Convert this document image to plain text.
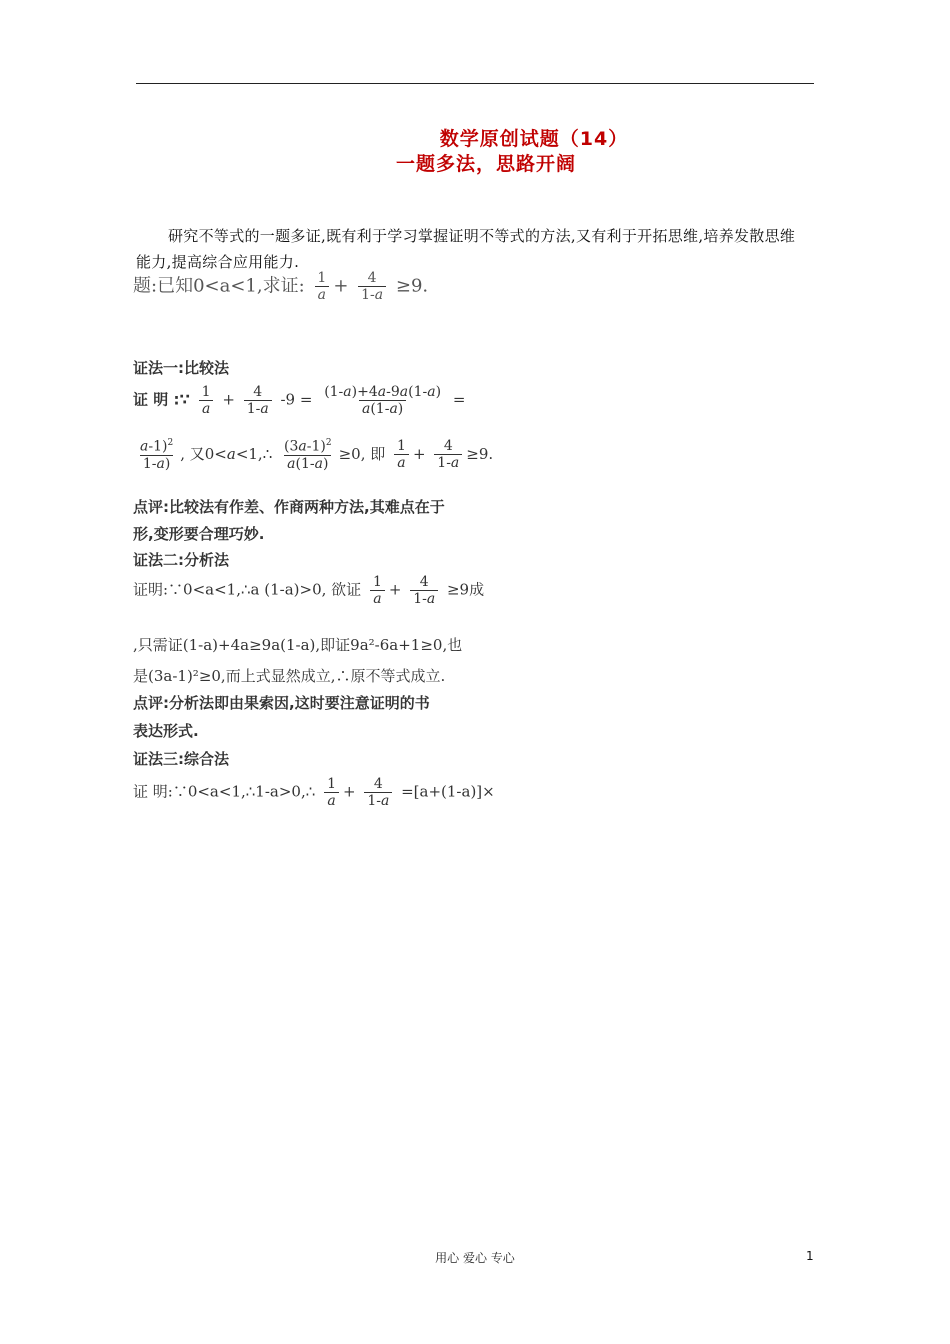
数学原创试题（14）
一题多法，思路开阔
研究不等式的一题多证,既有利于学习掌握证明不等式的方法,又有利于开拓思维,培养发散思维能力,提高综合应用能力.
题:已知0<a<1,求证: $\frac{1}{a} + \frac{4}{1-a} \ge 9$.
证法一:比较法
证 明 :∵ $\frac{1}{a} + \frac{4}{1-a} -9 = \frac{(1-a)+4a-9a(1-a)}{a(1-a)}$ =
$\frac{a-1)^2}{1-a)}$ , 又0<a<1,∴ $\frac{(3a-1)^2}{a(1-a)} \ge 0$, 即 $\frac{1}{a} + \frac{4}{1-a} \ge 9$.
点评:比较法有作差、作商两种方法,其难点在于
形,变形要合理巧妙.
证法二:分析法
证明:∵0<a<1,∴a (1-a)>0, 欲证 $\frac{1}{a} + \frac{4}{1-a} \ge 9$成
,只需证(1-a)+4a≥9a(1-a),即证9a²-6a+1≥0,也
是(3a-1)²≥0,而上式显然成立,∴原不等式成立.
点评:分析法即由果索因,这时要注意证明的书
表达形式.
证法三:综合法
证 明:∵0<a<1,∴1-a>0,∴ $\frac{1}{a} + \frac{4}{1-a} =[a+(1-a)]\times$
用心 爱心 专心	1
